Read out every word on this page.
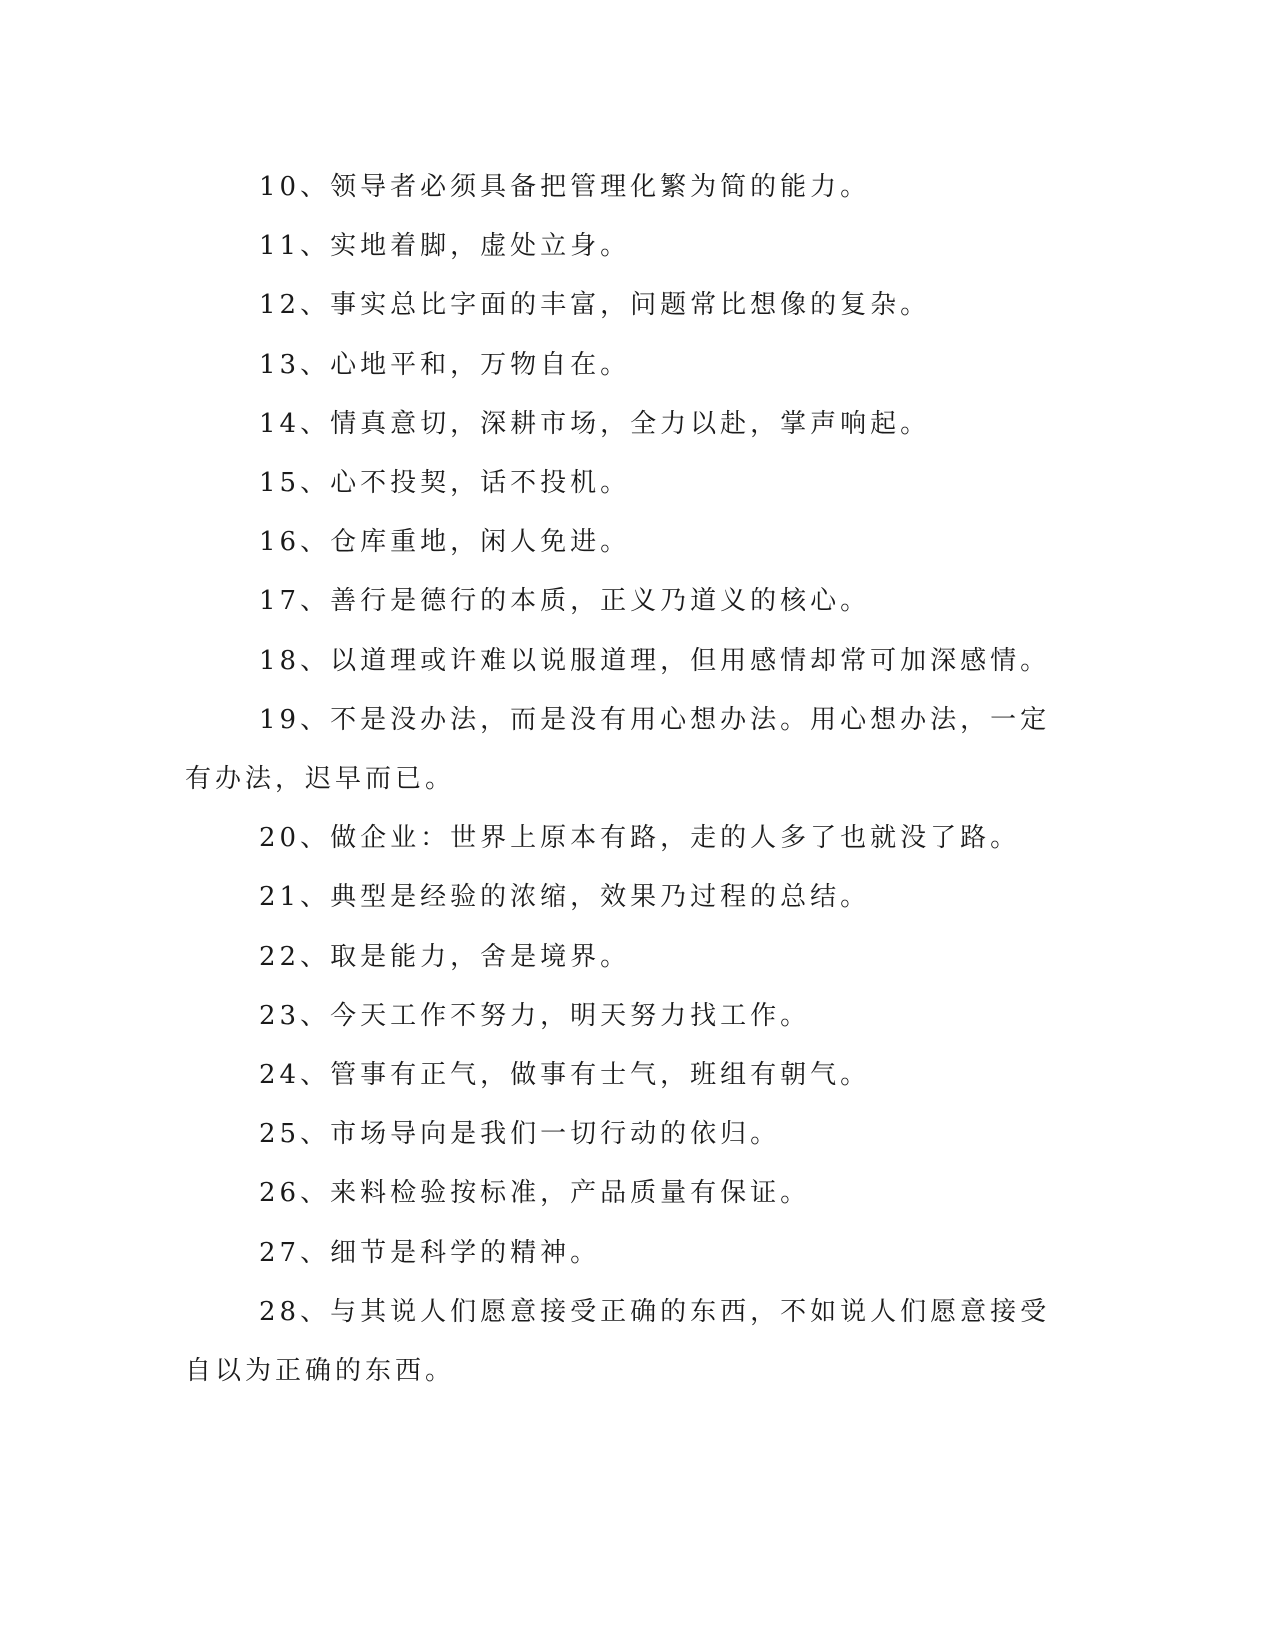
10、领导者必须具备把管理化繁为简的能力。

11、实地着脚，虚处立身。

12、事实总比字面的丰富，问题常比想像的复杂。

13、心地平和，万物自在。

14、情真意切，深耕市场，全力以赴，掌声响起。

15、心不投契，话不投机。

16、仓库重地，闲人免进。

17、善行是德行的本质，正义乃道义的核心。

18、以道理或许难以说服道理，但用感情却常可加深感情。

19、不是没办法，而是没有用心想办法。用心想办法，一定有办法，迟早而已。

20、做企业：世界上原本有路，走的人多了也就没了路。

21、典型是经验的浓缩，效果乃过程的总结。

22、取是能力，舍是境界。

23、今天工作不努力，明天努力找工作。

24、管事有正气，做事有士气，班组有朝气。

25、市场导向是我们一切行动的依归。

26、来料检验按标准，产品质量有保证。

27、细节是科学的精神。

28、与其说人们愿意接受正确的东西，不如说人们愿意接受自以为正确的东西。
